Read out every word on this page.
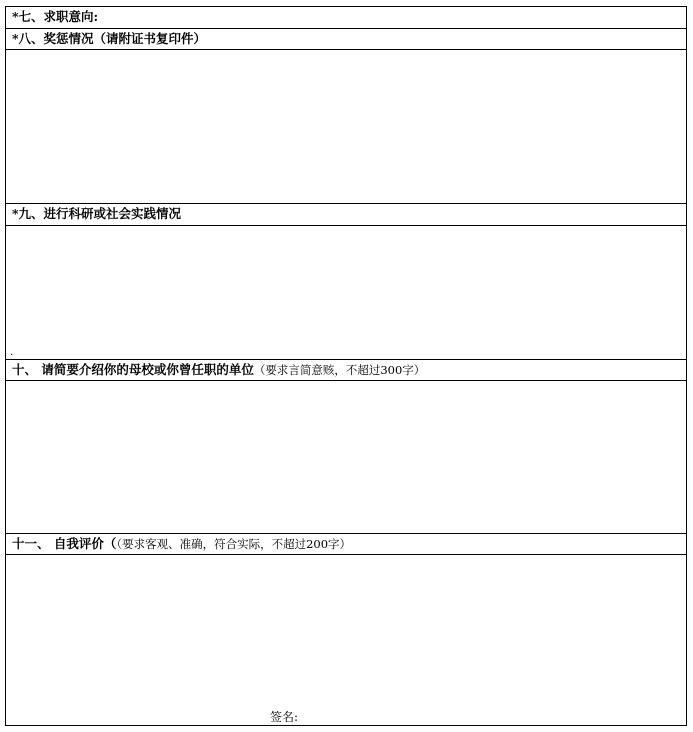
*七、求职意向:
*八、奖惩情况（请附证书复印件）
*九、进行科研或社会实践情况
.
十、 请简要介绍你的母校或你曾任职的单位（要求言简意赅，不超过300字）
十一、 自我评价（（要求客观、准确，符合实际，不超过200字）
签名:
